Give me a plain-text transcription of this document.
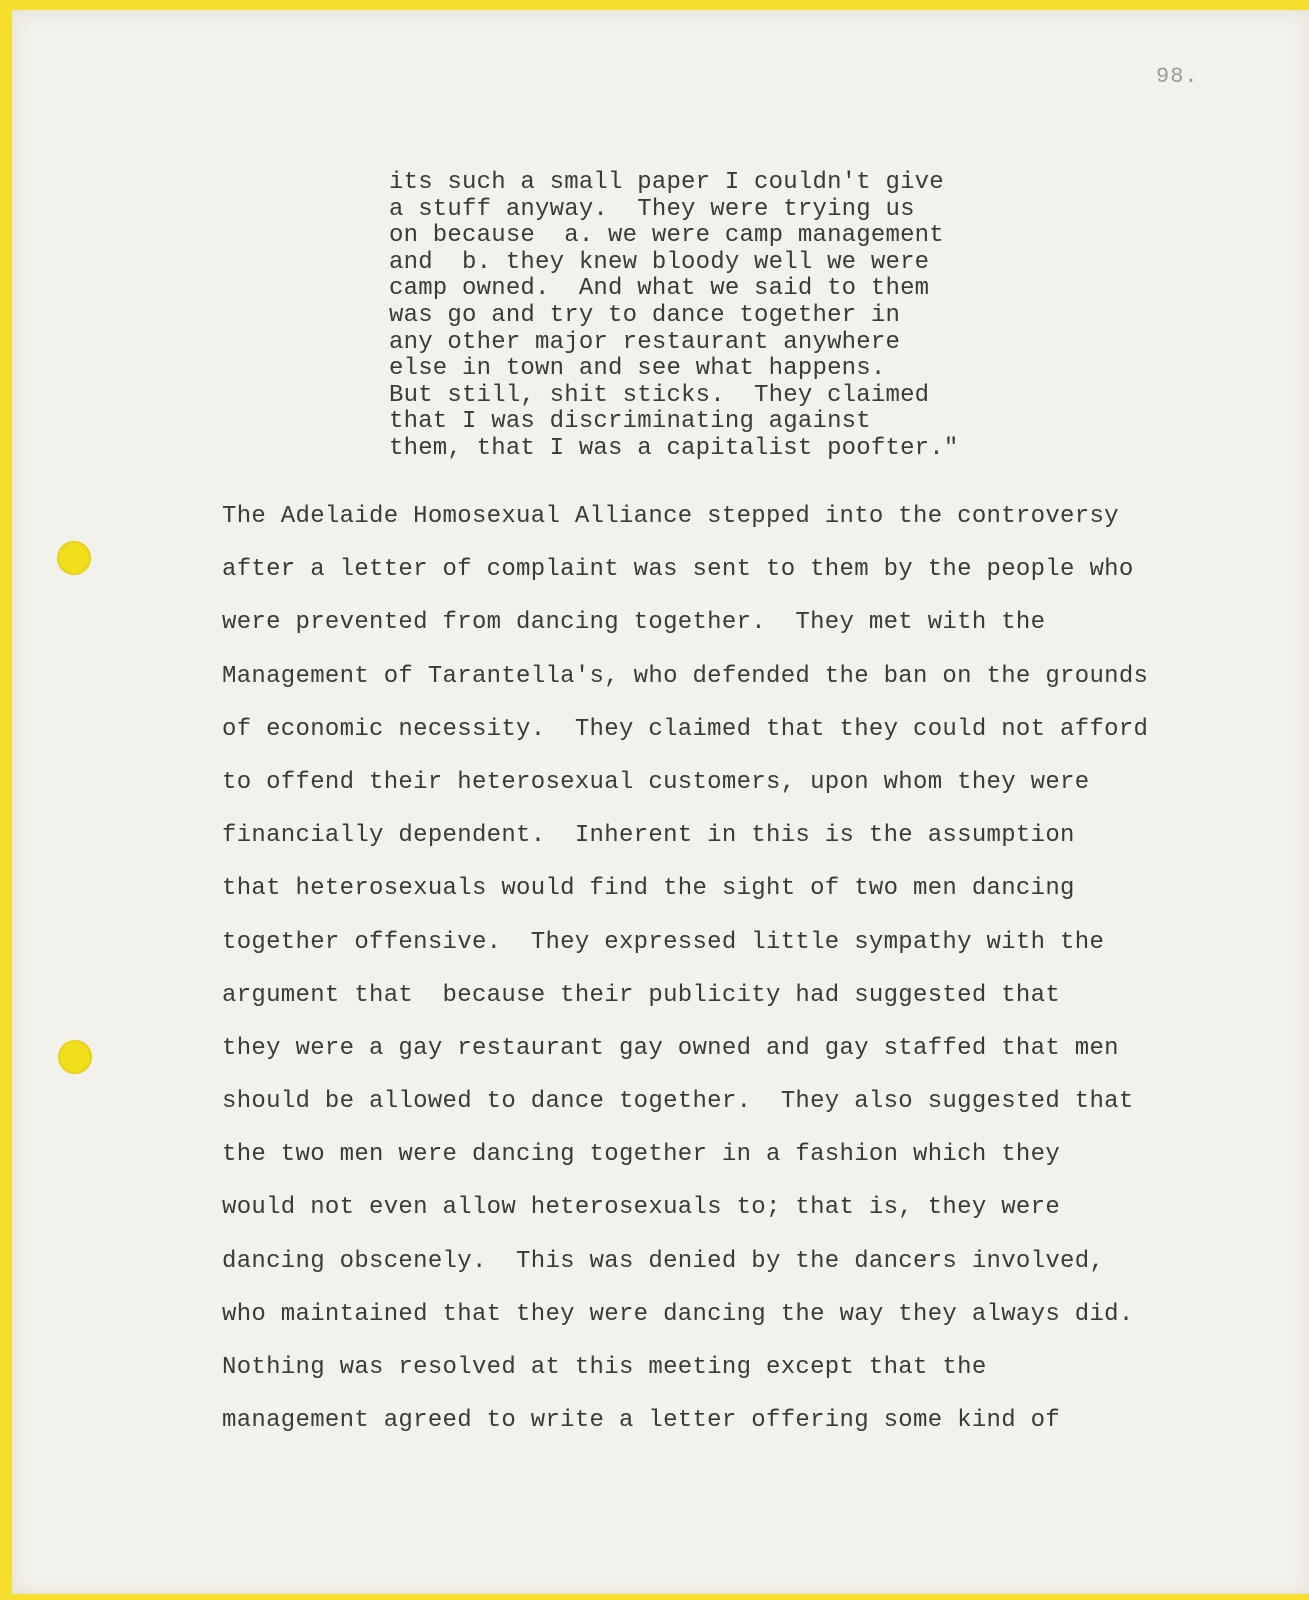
98.
its such a small paper I couldn't give
a stuff anyway.  They were trying us
on because  a. we were camp management
and  b. they knew bloody well we were
camp owned.  And what we said to them
was go and try to dance together in
any other major restaurant anywhere
else in town and see what happens.
But still, shit sticks.  They claimed
that I was discriminating against
them, that I was a capitalist poofter."
The Adelaide Homosexual Alliance stepped into the controversy
after a letter of complaint was sent to them by the people who
were prevented from dancing together.  They met with the
Management of Tarantella's, who defended the ban on the grounds
of economic necessity.  They claimed that they could not afford
to offend their heterosexual customers, upon whom they were
financially dependent.  Inherent in this is the assumption
that heterosexuals would find the sight of two men dancing
together offensive.  They expressed little sympathy with the
argument that  because their publicity had suggested that
they were a gay restaurant gay owned and gay staffed that men
should be allowed to dance together.  They also suggested that
the two men were dancing together in a fashion which they
would not even allow heterosexuals to; that is, they were
dancing obscenely.  This was denied by the dancers involved,
who maintained that they were dancing the way they always did.
Nothing was resolved at this meeting except that the
management agreed to write a letter offering some kind of
